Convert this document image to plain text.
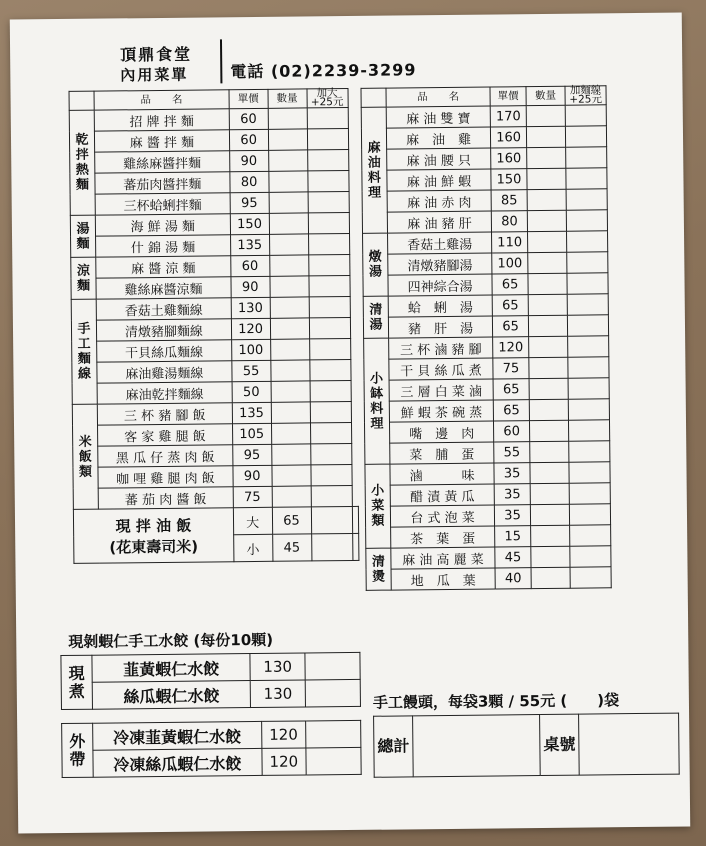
頂鼎食堂
內用菜單	電話 (02)2239-3299
	品　　名	單價	數量	加大
+25元	
乾
拌
熱
麵	招 牌 拌 麵	60			
	麻 醬 拌 麵	60			
	雞絲麻醬拌麵	90			
	蕃茄肉醬拌麵	80			
	三杯蛤蜊拌麵	95			
湯
麵	海 鮮 湯 麵	150			
	什 錦 湯 麵	135			
涼
麵	麻 醬 涼 麵	60			
	雞絲麻醬涼麵	90			
手
工
麵
線	香菇土雞麵線	130			
	清燉豬腳麵線	120			
	干貝絲瓜麵線	100			
	麻油雞湯麵線	55			
	麻油乾拌麵線	50			
米
飯
類	三 杯 豬 腳 飯	135			
	客 家 雞 腿 飯	105			
	黑 瓜 仔 蒸 肉 飯	95			
	咖 哩 雞 腿 肉 飯	90			
	蕃 茄 肉 醬 飯	75			
現 拌 油 飯
(花東壽司米)		大	65		
		小	45		
	品　　名	單價	數量	加麵線
+25元
麻
油
料
理	麻 油 雙 寶	170		
	麻　油　雞	160		
	麻 油 腰 只	160		
	麻 油 鮮 蝦	150		
	麻 油 赤 肉	85		
	麻 油 豬 肝	80		
燉
湯	香菇土雞湯	110		
	清燉豬腳湯	100		
	四神綜合湯	65		
清
湯	蛤　蜊　湯	65		
	豬　肝　湯	65		
小
缽
料
理	三 杯 滷 豬 腳	120		
	干 貝 絲 瓜 煮	75		
	三 層 白 菜 滷	65		
	鮮 蝦 茶 碗 蒸	65		
	嘴　邊　肉	60		
	菜　脯　蛋	55		
小
菜
類	滷　　　味	35		
	醋 漬 黃 瓜	35		
	台 式 泡 菜	35		
	茶　葉　蛋	15		
清
燙	麻 油 高 麗 菜	45		
	地　瓜　葉	40		
現剝蝦仁手工水餃 (每份10顆)
現
煮	韮黃蝦仁水餃	130	
	絲瓜蝦仁水餃	130	
外
帶	冷凍韮黃蝦仁水餃	120	
	冷凍絲瓜蝦仁水餃	120	
手工饅頭，每袋3顆 / 55元 (　　)袋
總計		桌號	
